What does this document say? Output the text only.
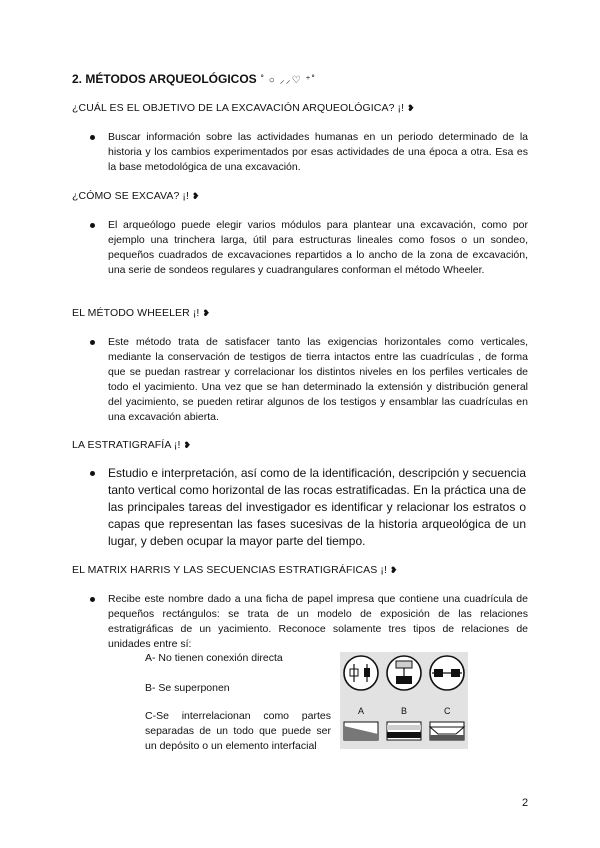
2. MÉTODOS ARQUEOLÓGICOS ˚ ○ ⸝⸝♡ ⁺˚
¿CUÁL ES EL OBJETIVO DE LA EXCAVACIÓN ARQUEOLÓGICA? ¡! ❥
Buscar información sobre las actividades humanas en un periodo determinado de la historia y los cambios experimentados por esas actividades de una época a otra. Esa es la base metodológica de una excavación.
¿CÓMO SE EXCAVA? ¡! ❥
El arqueólogo puede elegir varios módulos para plantear una excavación, como por ejemplo una trinchera larga, útil para estructuras lineales como fosos o un sondeo, pequeños cuadrados de excavaciones repartidos a lo ancho de la zona de excavación, una serie de sondeos regulares y cuadrangulares conforman el método Wheeler.
EL MÉTODO WHEELER ¡! ❥
Este método trata de satisfacer tanto las exigencias horizontales como verticales, mediante la conservación de testigos de tierra intactos entre las cuadrículas , de forma que se puedan rastrear y correlacionar los distintos niveles en los perfiles verticales de todo el yacimiento. Una vez que se han determinado la extensión y distribución general del yacimiento, se pueden retirar algunos de los testigos y ensamblar las cuadrículas en una excavación abierta.
LA ESTRATIGRAFÍA ¡! ❥
Estudio e interpretación, así como de la identificación, descripción y secuencia tanto vertical como horizontal de las rocas estratificadas. En la práctica una de las principales tareas del investigador es identificar y relacionar los estratos o capas que representan las fases sucesivas de la historia arqueológica de un lugar, y deben ocupar la mayor parte del tiempo.
EL MATRIX HARRIS Y LAS SECUENCIAS ESTRATIGRÁFICAS ¡! ❥
Recibe este nombre dado a una ficha de papel impresa que contiene una cuadrícula de pequeños rectángulos: se trata de un modelo de exposición de las relaciones estratigráficas de un yacimiento. Reconoce solamente tres tipos de relaciones de unidades entre sí:
A- No tienen conexión directa
B- Se superponen
C-Se interrelacionan como partes separadas de un todo que puede ser un depósito o un elemento interfacial
A	B	C
2
